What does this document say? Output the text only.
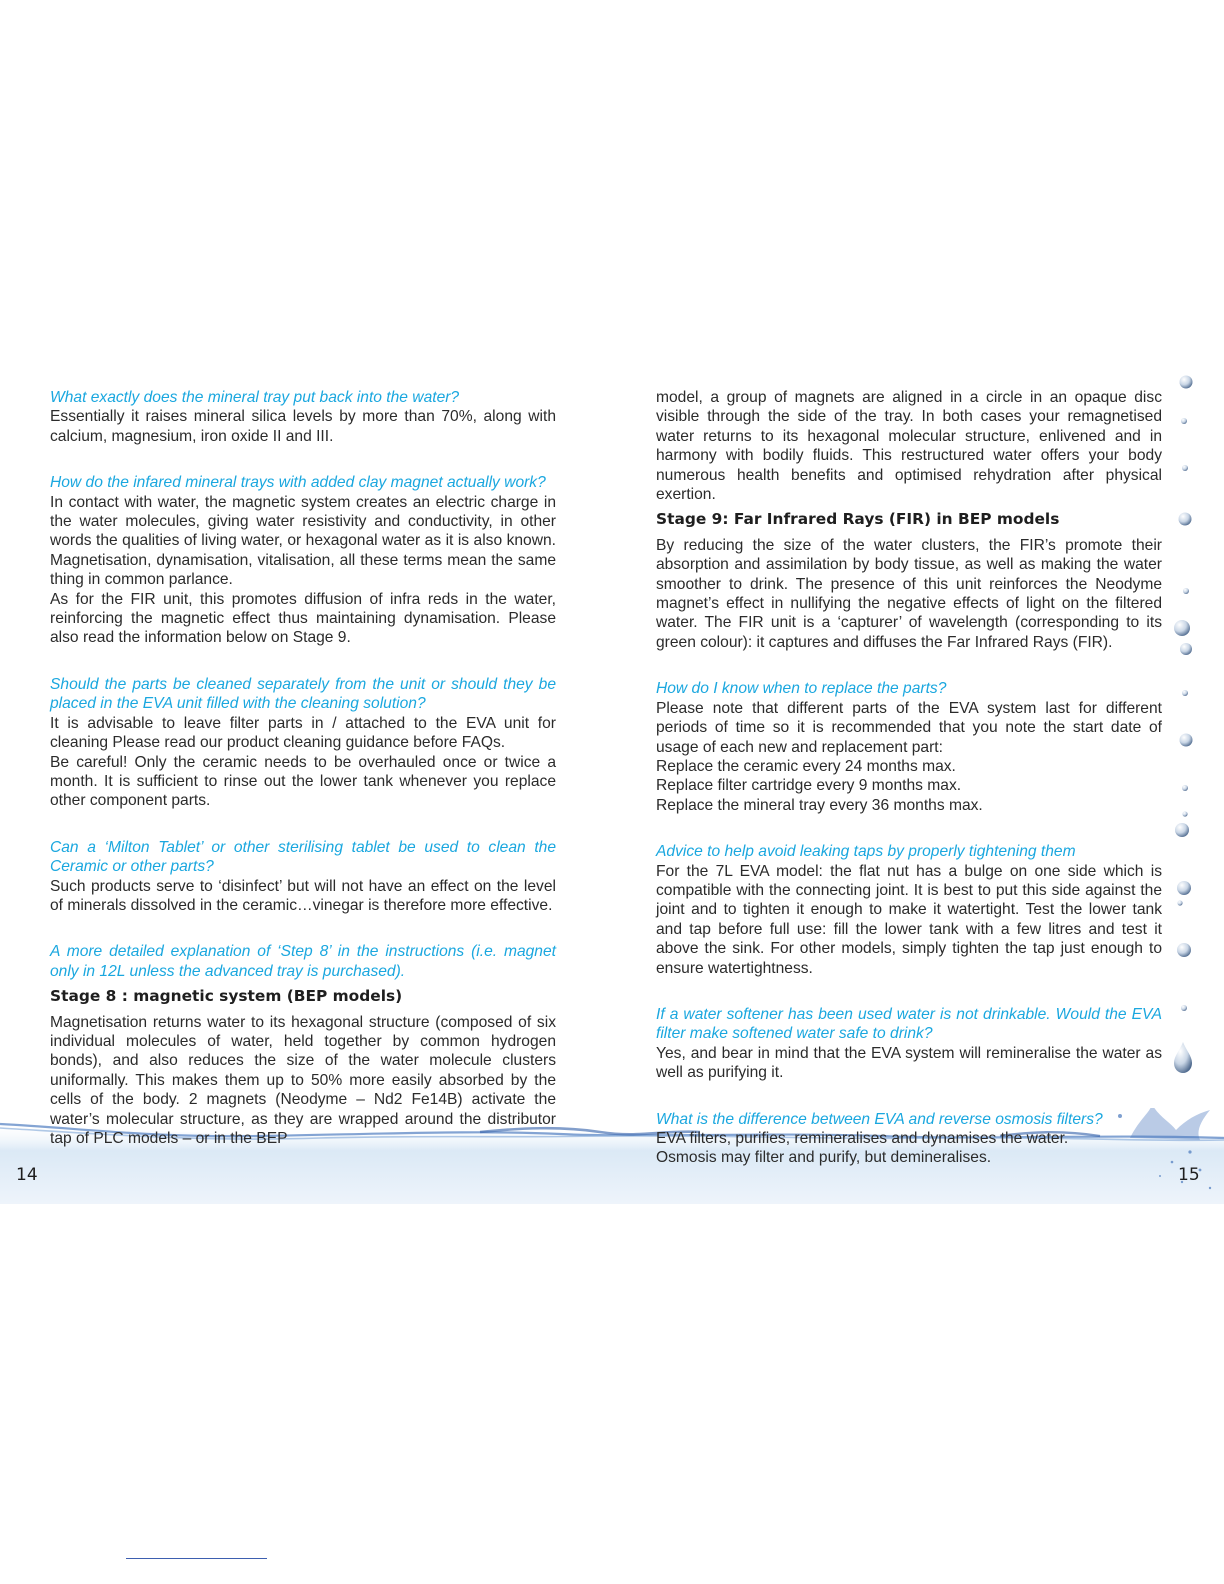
What exactly does the mineral tray put back into the water?
Essentially it raises mineral silica levels by more than 70%, along with calcium, magnesium, iron oxide II and III.
How do the infared mineral trays with added clay magnet actually work?
In contact with water, the magnetic system creates an electric charge in the water molecules, giving water resistivity and conductivity, in other words the qualities of living water, or hexagonal water as it is also known. Magnetisation, dynamisation, vitalisation, all these terms mean the same thing in common parlance.
As for the FIR unit, this promotes diffusion of infra reds in the water, reinforcing the magnetic effect thus maintaining dynamisation. Please also read the information below on Stage 9.
Should the parts be cleaned separately from the unit or should they be placed in the EVA unit filled with the cleaning solution?
It is advisable to leave filter parts in / attached to the EVA unit for cleaning Please read our product cleaning guidance before FAQs.
Be careful! Only the ceramic needs to be overhauled once or twice a month. It is sufficient to rinse out the lower tank whenever you replace other component parts.
Can a ‘Milton Tablet’ or other sterilising tablet be used to clean the Ceramic or other parts?
Such products serve to ‘disinfect’ but will not have an effect on the level of minerals dissolved in the ceramic…vinegar is therefore more effective.
A more detailed explanation of ‘Step 8’ in the instructions (i.e. magnet only in 12L unless the advanced tray is purchased).
Stage 8 : magnetic system (BEP models)
Magnetisation returns water to its hexagonal structure (composed of six individual molecules of water, held together by common hydrogen bonds), and also reduces the size of the water molecule clusters uniformally. This makes them up to 50% more easily absorbed by the cells of the body. 2 magnets (Neodyme – Nd2 Fe14B) activate the water’s molecular structure, as they are wrapped around the distributor tap of PLC models – or in the BEP
model, a group of magnets are aligned in a circle in an opaque disc visible through the side of the tray. In both cases your remagnetised water returns to its hexagonal molecular structure, enlivened and in harmony with bodily fluids. This restructured water offers your body numerous health benefits and optimised rehydration after physical exertion.
Stage 9: Far Infrared Rays (FIR) in BEP models
By reducing the size of the water clusters, the FIR’s promote their absorption and assimilation by body tissue, as well as making the water smoother to drink. The presence of this unit reinforces the Neodyme magnet’s effect in nullifying the negative effects of light on the filtered water. The FIR unit is a ‘capturer’ of wavelength (corresponding to its green colour): it captures and diffuses the Far Infrared Rays (FIR).
How do I know when to replace the parts?
Please note that different parts of the EVA system last for different periods of time so it is recommended that you note the start date of usage of each new and replacement part:
Replace the ceramic every 24 months max.
Replace filter cartridge every 9 months max.
Replace the mineral tray every 36 months max.
Advice to help avoid leaking taps by properly tightening them
For the 7L EVA model: the flat nut has a bulge on one side which is compatible with the connecting joint. It is best to put this side against the joint and to tighten it enough to make it watertight. Test the lower tank and tap before full use: fill the lower tank with a few litres and test it above the sink. For other models, simply tighten the tap just enough to ensure watertightness.
If a water softener has been used water is not drinkable. Would the EVA filter make softened water safe to drink?
Yes, and bear in mind that the EVA system will remineralise the water as well as purifying it.
What is the difference between EVA and reverse osmosis filters?
EVA filters, purifies, remineralises and dynamises the water.
Osmosis may filter and purify, but demineralises.
14	15
